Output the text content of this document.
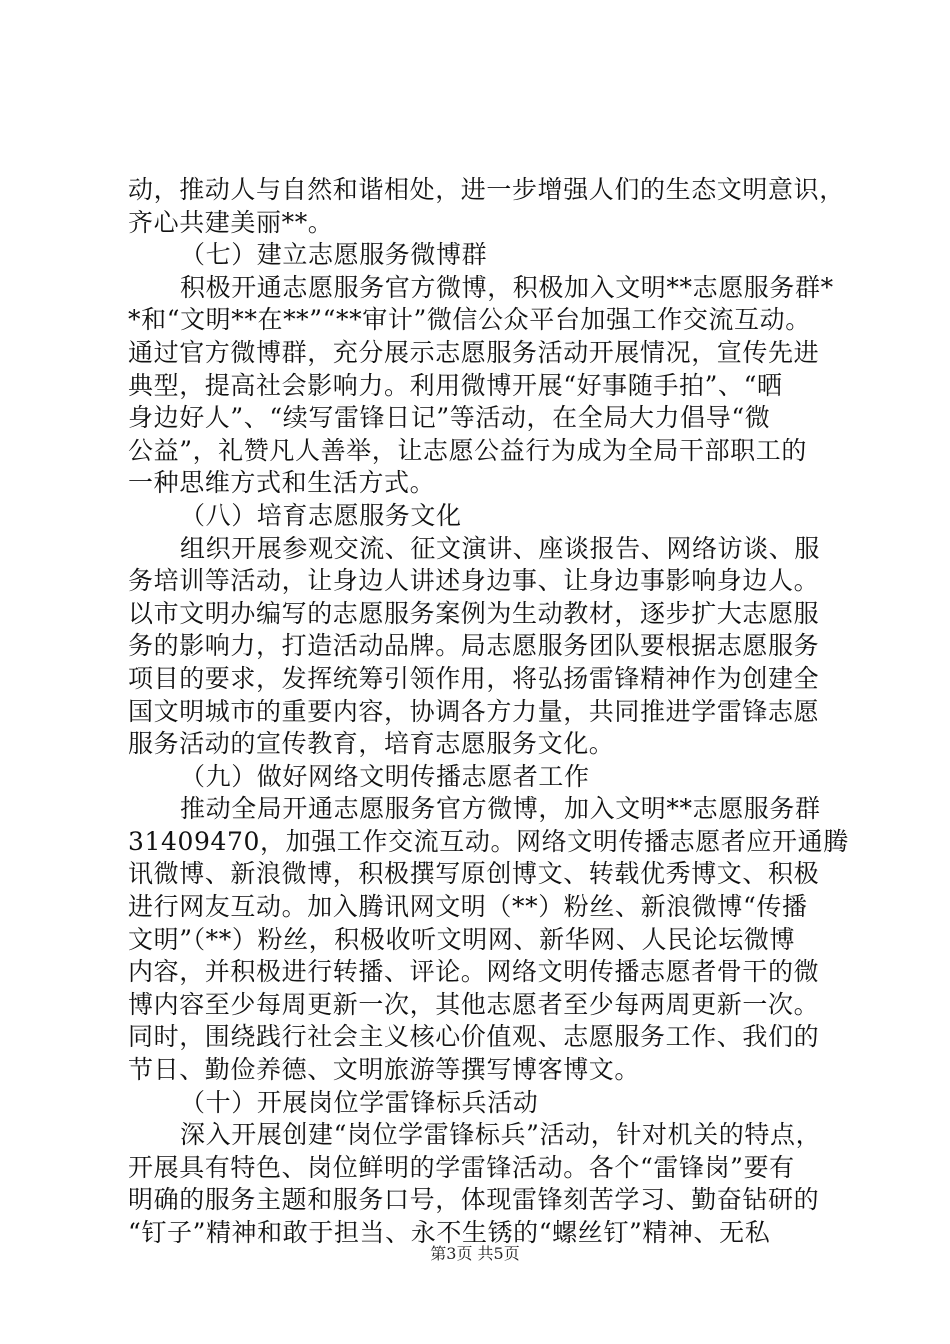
动，推动人与自然和谐相处，进一步增强人们的生态文明意识，
齐心共建美丽**。
（七）建立志愿服务微博群
积极开通志愿服务官方微博，积极加入文明**志愿服务群*
*和“文明**在**”“**审计”微信公众平台加强工作交流互动。
通过官方微博群，充分展示志愿服务活动开展情况，宣传先进
典型，提高社会影响力。利用微博开展“好事随手拍”、“晒
身边好人”、“续写雷锋日记”等活动，在全局大力倡导“微
公益”，礼赞凡人善举，让志愿公益行为成为全局干部职工的
一种思维方式和生活方式。
（八）培育志愿服务文化
组织开展参观交流、征文演讲、座谈报告、网络访谈、服
务培训等活动，让身边人讲述身边事、让身边事影响身边人。
以市文明办编写的志愿服务案例为生动教材，逐步扩大志愿服
务的影响力，打造活动品牌。局志愿服务团队要根据志愿服务
项目的要求，发挥统筹引领作用，将弘扬雷锋精神作为创建全
国文明城市的重要内容，协调各方力量，共同推进学雷锋志愿
服务活动的宣传教育，培育志愿服务文化。
（九）做好网络文明传播志愿者工作
推动全局开通志愿服务官方微博，加入文明**志愿服务群
31409470，加强工作交流互动。网络文明传播志愿者应开通腾
讯微博、新浪微博，积极撰写原创博文、转载优秀博文、积极
进行网友互动。加入腾讯网文明（**）粉丝、新浪微博“传播
文明”（**）粉丝，积极收听文明网、新华网、人民论坛微博
内容，并积极进行转播、评论。网络文明传播志愿者骨干的微
博内容至少每周更新一次，其他志愿者至少每两周更新一次。
同时，围绕践行社会主义核心价值观、志愿服务工作、我们的
节日、勤俭养德、文明旅游等撰写博客博文。
（十）开展岗位学雷锋标兵活动
深入开展创建“岗位学雷锋标兵”活动，针对机关的特点，
开展具有特色、岗位鲜明的学雷锋活动。各个“雷锋岗”要有
明确的服务主题和服务口号，体现雷锋刻苦学习、勤奋钻研的
“钉子”精神和敢于担当、永不生锈的“螺丝钉”精神、无私
第3页 共5页
